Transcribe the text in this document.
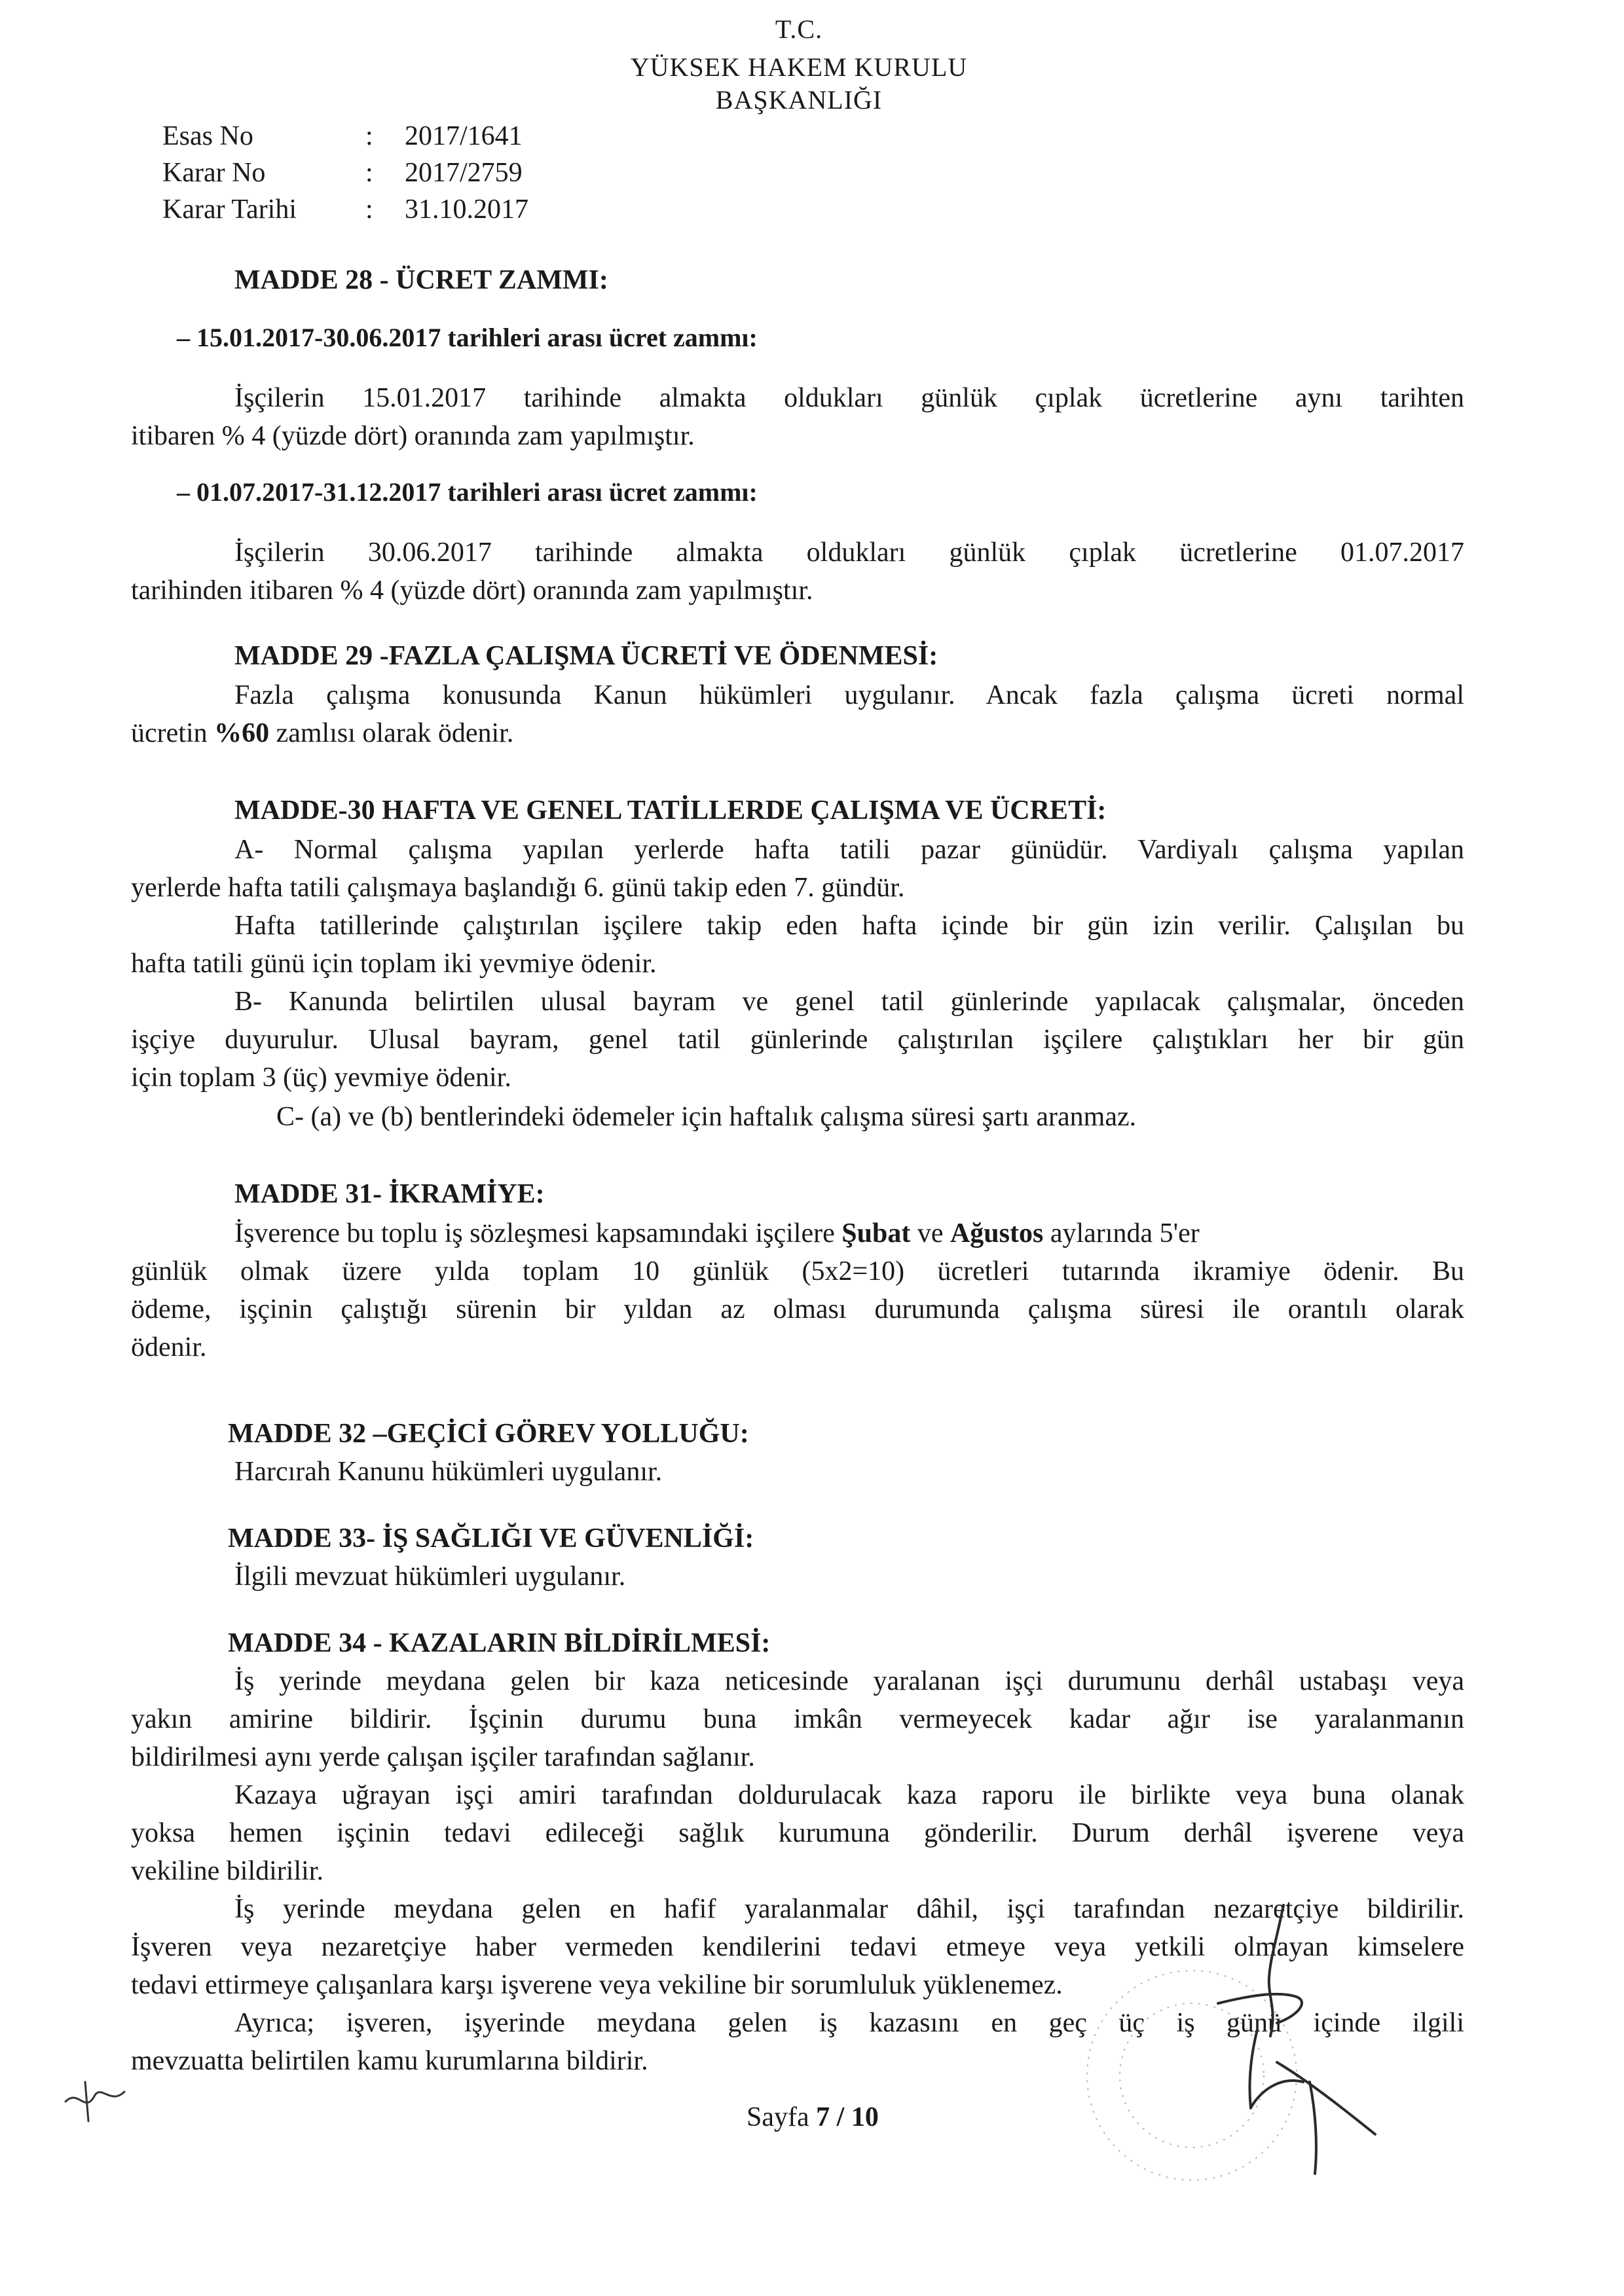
T.C.
YÜKSEK HAKEM KURULU
BAŞKANLIĞI
Esas No	:	2017/1641
Karar No	:	2017/2759
Karar Tarihi	:	31.10.2017
MADDE 28 - ÜCRET ZAMMI:
– 15.01.2017-30.06.2017 tarihleri arası ücret zammı:
İşçilerin 15.01.2017 tarihinde almakta oldukları günlük çıplak ücretlerine aynı tarihten
itibaren % 4 (yüzde dört) oranında zam yapılmıştır.
– 01.07.2017-31.12.2017 tarihleri arası ücret zammı:
İşçilerin 30.06.2017 tarihinde almakta oldukları günlük çıplak ücretlerine 01.07.2017
tarihinden itibaren % 4 (yüzde dört) oranında zam yapılmıştır.
MADDE 29 -FAZLA ÇALIŞMA ÜCRETİ VE ÖDENMESİ:
Fazla çalışma konusunda Kanun hükümleri uygulanır. Ancak fazla çalışma ücreti normal
ücretin %60 zamlısı olarak ödenir.
MADDE-30 HAFTA VE GENEL TATİLLERDE ÇALIŞMA VE ÜCRETİ:
A- Normal çalışma yapılan yerlerde hafta tatili pazar günüdür. Vardiyalı çalışma yapılan
yerlerde hafta tatili çalışmaya başlandığı 6. günü takip eden 7. gündür.
Hafta tatillerinde çalıştırılan işçilere takip eden hafta içinde bir gün izin verilir. Çalışılan bu
hafta tatili günü için toplam iki yevmiye ödenir.
B- Kanunda belirtilen ulusal bayram ve genel tatil günlerinde yapılacak çalışmalar, önceden
işçiye duyurulur. Ulusal bayram, genel tatil günlerinde çalıştırılan işçilere çalıştıkları her bir gün
için toplam 3 (üç) yevmiye ödenir.
C- (a) ve (b) bentlerindeki ödemeler için haftalık çalışma süresi şartı aranmaz.
MADDE 31- İKRAMİYE:
İşverence bu toplu iş sözleşmesi kapsamındaki işçilere Şubat ve Ağustos aylarında 5'er
günlük olmak üzere yılda toplam 10 günlük (5x2=10) ücretleri tutarında ikramiye ödenir. Bu
ödeme, işçinin çalıştığı sürenin bir yıldan az olması durumunda çalışma süresi ile orantılı olarak
ödenir.
MADDE 32 –GEÇİCİ GÖREV YOLLUĞU:
Harcırah Kanunu hükümleri uygulanır.
MADDE 33- İŞ SAĞLIĞI VE GÜVENLİĞİ:
İlgili mevzuat hükümleri uygulanır.
MADDE 34 - KAZALARIN BİLDİRİLMESİ:
İş yerinde meydana gelen bir kaza neticesinde yaralanan işçi durumunu derhâl ustabaşı veya
yakın amirine bildirir. İşçinin durumu buna imkân vermeyecek kadar ağır ise yaralanmanın
bildirilmesi aynı yerde çalışan işçiler tarafından sağlanır.
Kazaya uğrayan işçi amiri tarafından doldurulacak kaza raporu ile birlikte veya buna olanak
yoksa hemen işçinin tedavi edileceği sağlık kurumuna gönderilir. Durum derhâl işverene veya
vekiline bildirilir.
İş yerinde meydana gelen en hafif yaralanmalar dâhil, işçi tarafından nezaretçiye bildirilir.
İşveren veya nezaretçiye haber vermeden kendilerini tedavi etmeye veya yetkili olmayan kimselere
tedavi ettirmeye çalışanlara karşı işverene veya vekiline bir sorumluluk yüklenemez.
Ayrıca; işveren, işyerinde meydana gelen iş kazasını en geç üç iş günü içinde ilgili
mevzuatta belirtilen kamu kurumlarına bildirir.
Sayfa 7 / 10
